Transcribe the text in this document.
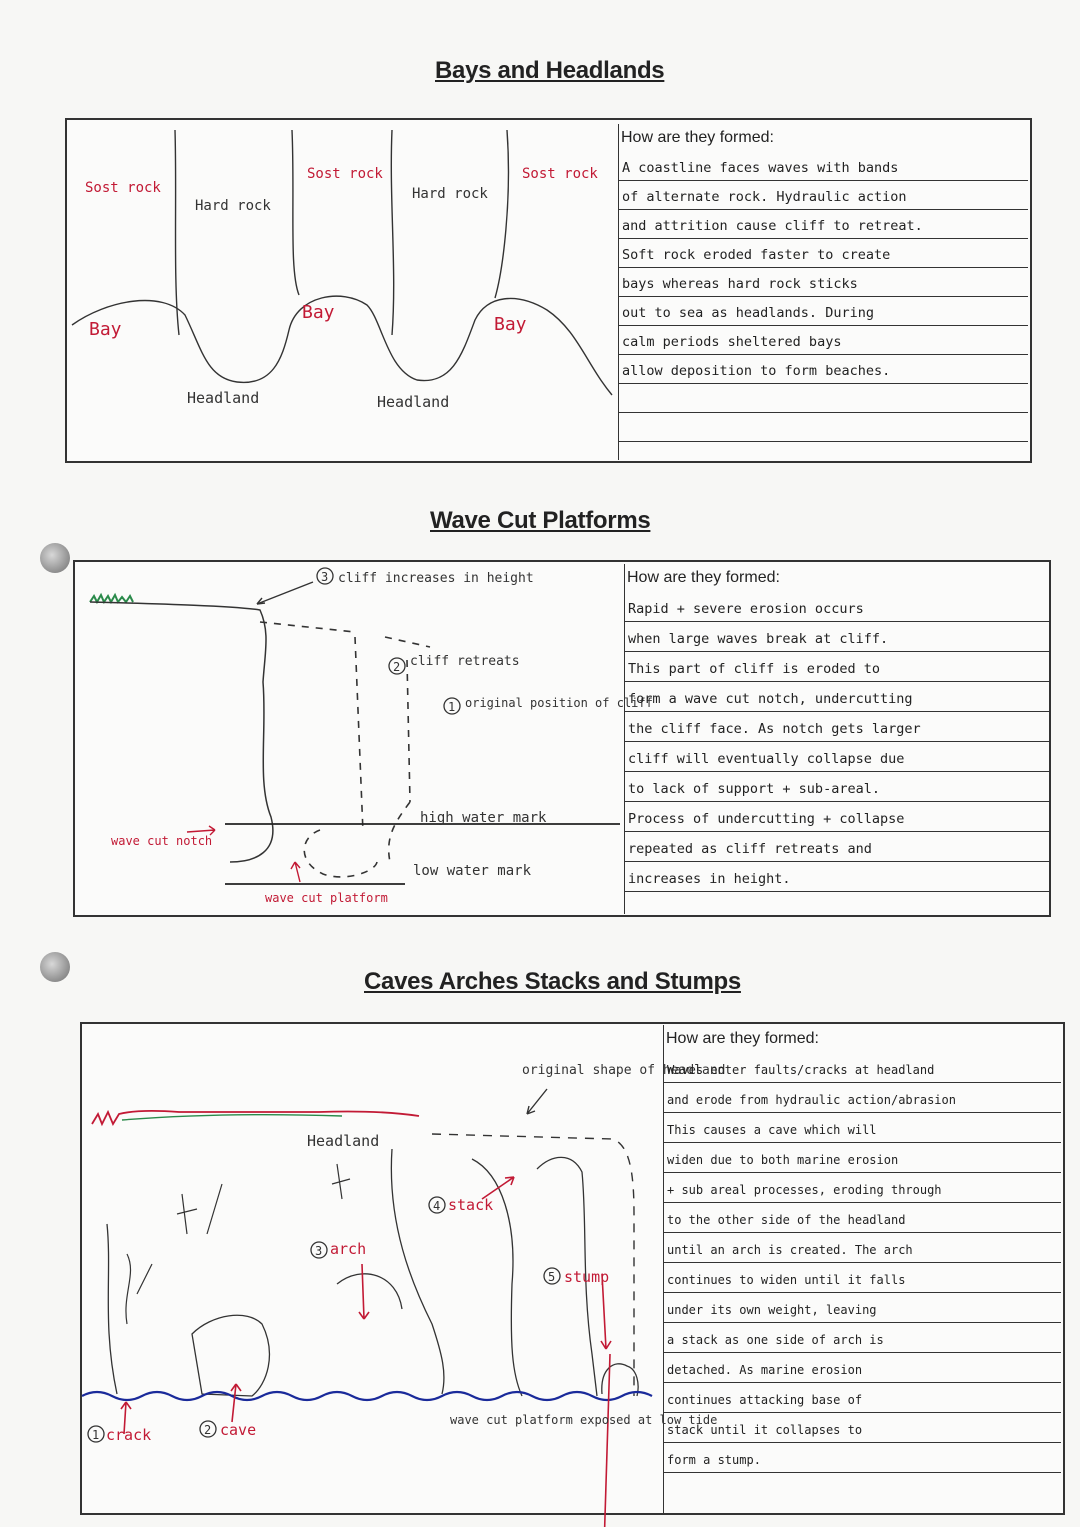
Bays and Headlands
Sost rock
Hard rock
Sost rock
Hard rock
Sost rock
Bay
Bay
Bay
Headland	Headland
How are they formed:
A coastline faces waves with bands
of alternate rock. Hydraulic action
and attrition cause cliff to retreat.
Soft rock eroded faster to create
bays whereas hard rock sticks
out to sea as headlands. During
calm periods sheltered bays
allow deposition to form beaches.
Wave Cut Platforms
3
2
1
cliff increases in height
cliff retreats
original position of cliff
high water mark
low water mark
wave cut notch
wave cut platform
How are they formed:
Rapid + severe erosion occurs
when large waves break at cliff.
This part of cliff is eroded to
form a wave cut notch, undercutting
the cliff face. As notch gets larger
cliff will eventually collapse due
to lack of support + sub-areal.
Process of undercutting + collapse
repeated as cliff retreats and
increases in height.
Caves Arches Stacks and Stumps
1	2
3
4
5
original shape of headland
Headland
arch
stack
stump
crack	cave
wave cut platform exposed at low tide
How are they formed:
Waves enter faults/cracks at headland
and erode from hydraulic action/abrasion
This causes a cave which will
widen due to both marine erosion
+ sub areal processes, eroding through
to the other side of the headland
until an arch is created. The arch
continues to widen until it falls
under its own weight, leaving
a stack as one side of arch is
detached. As marine erosion
continues attacking base of
stack until it collapses to
form a stump.
